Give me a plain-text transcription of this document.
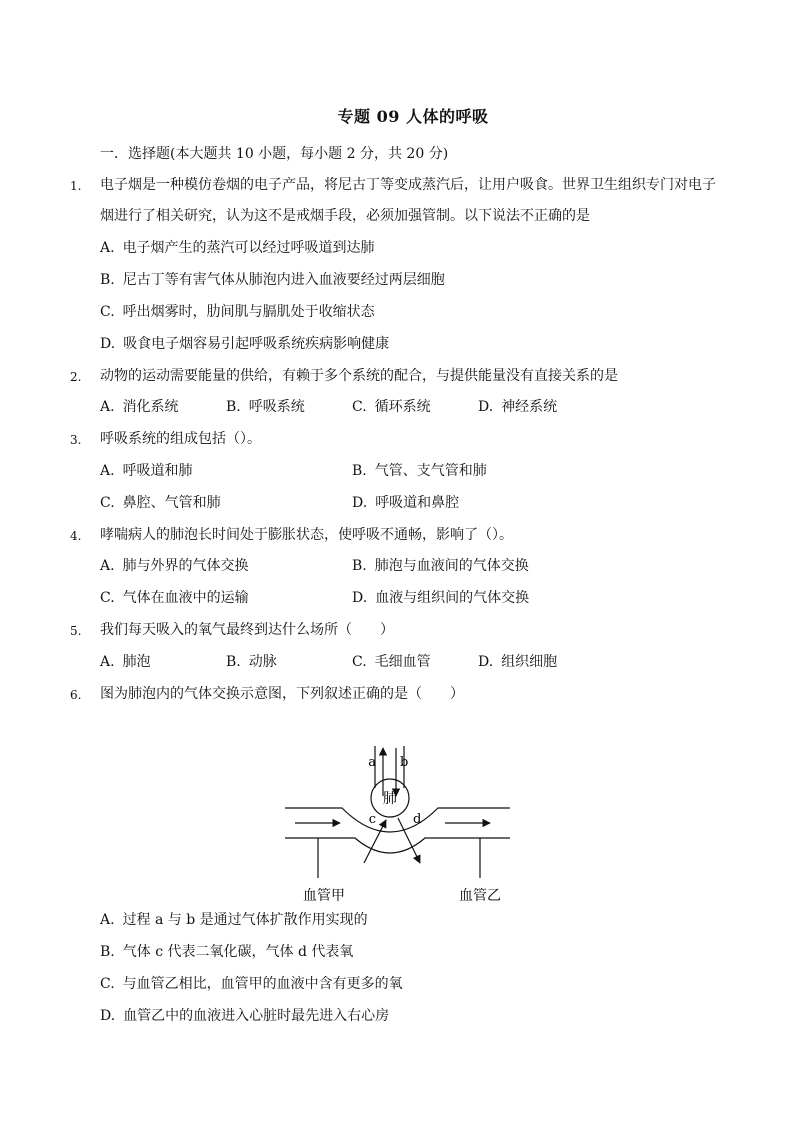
专题 09 人体的呼吸
一．选择题(本大题共 10 小题，每小题 2 分，共 20 分)
1. 电子烟是一种模仿卷烟的电子产品，将尼古丁等变成蒸汽后，让用户吸食。世界卫生组织专门对电子
烟进行了相关研究，认为这不是戒烟手段，必须加强管制。以下说法不正确的是
A. 电子烟产生的蒸汽可以经过呼吸道到达肺
B. 尼古丁等有害气体从肺泡内进入血液要经过两层细胞
C. 呼出烟雾时，肋间肌与膈肌处于收缩状态
D. 吸食电子烟容易引起呼吸系统疾病影响健康
2. 动物的运动需要能量的供给，有赖于多个系统的配合，与提供能量没有直接关系的是
A. 消化系统	B. 呼吸系统	C. 循环系统	D. 神经系统
3. 呼吸系统的组成包括（）。
A. 呼吸道和肺	B. 气管、支气管和肺
C. 鼻腔、气管和肺	D. 呼吸道和鼻腔
4. 哮喘病人的肺泡长时间处于膨胀状态，使呼吸不通畅，影响了（）。
A. 肺与外界的气体交换	B. 肺泡与血液间的气体交换
C. 气体在血液中的运输	D. 血液与组织间的气体交换
5. 我们每天吸入的氧气最终到达什么场所（　　）
A. 肺泡	B. 动脉	C. 毛细血管	D. 组织细胞
6. 图为肺泡内的气体交换示意图，下列叙述正确的是（　　）
a b
肺
c	d
血管甲	血管乙
A. 过程 a 与 b 是通过气体扩散作用实现的
B. 气体 c 代表二氧化碳，气体 d 代表氧
C. 与血管乙相比，血管甲的血液中含有更多的氧
D. 血管乙中的血液进入心脏时最先进入右心房
